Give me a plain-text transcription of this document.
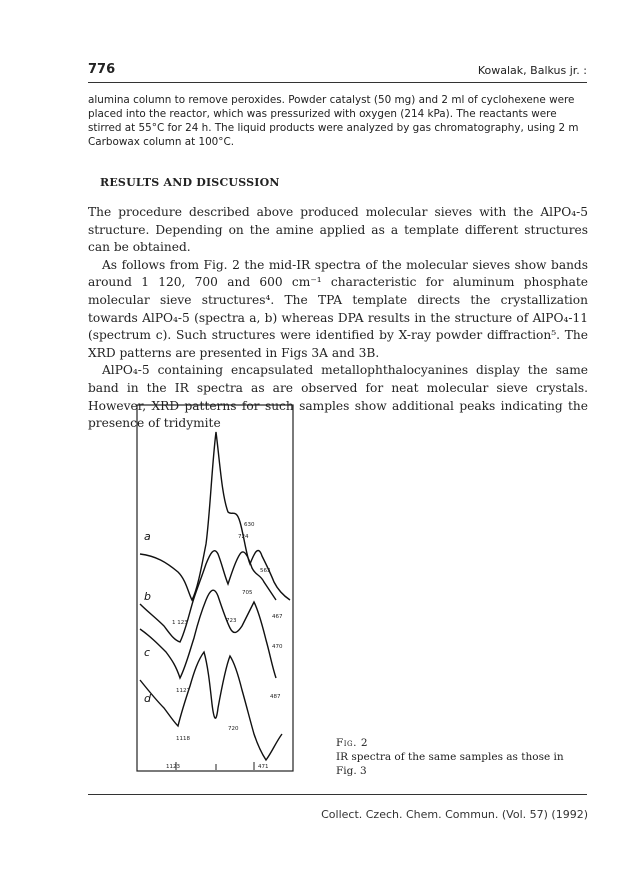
776	Kowalak, Balkus jr. :

alumina column to remove peroxides. Powder catalyst (50 mg) and 2 ml of cyclohexene were placed into the reactor, which was pressurized with oxygen (214 kPa). The reactants were stirred at 55°C for 24 h. The liquid products were analyzed by gas chromatography, using 2 m Carbowax column at 100°C.

RESULTS AND DISCUSSION

The procedure described above produced molecular sieves with the AlPO₄-5 structure. Depending on the amine applied as a template different structures can be obtained.

As follows from Fig. 2 the mid-IR spectra of the molecular sieves show bands around 1 120, 700 and 600 cm⁻¹ characteristic for aluminum phosphate molecular sieve structures⁴. The TPA template directs the crystallization towards AlPO₄-5 (spectra a, b) whereas DPA results in the structure of AlPO₄-11 (spectrum c). Such structures were identified by X-ray powder diffraction⁵. The XRD patterns are presented in Figs 3A and 3B.

AlPO₄-5 containing encapsulated metallophthalocyanines display the same band in the IR spectra as are observed for neat molecular sieve crystals. However, XRD patterns for such samples show additional peaks indicating the presence of tridymite

a
b
c
d
630
724
563
705
1 123	723
467
470
1127
487
1118
720
1123	471
Fig. 2
IR spectra of the same samples as those in Fig. 3
Collect. Czech. Chem. Commun. (Vol. 57) (1992)
